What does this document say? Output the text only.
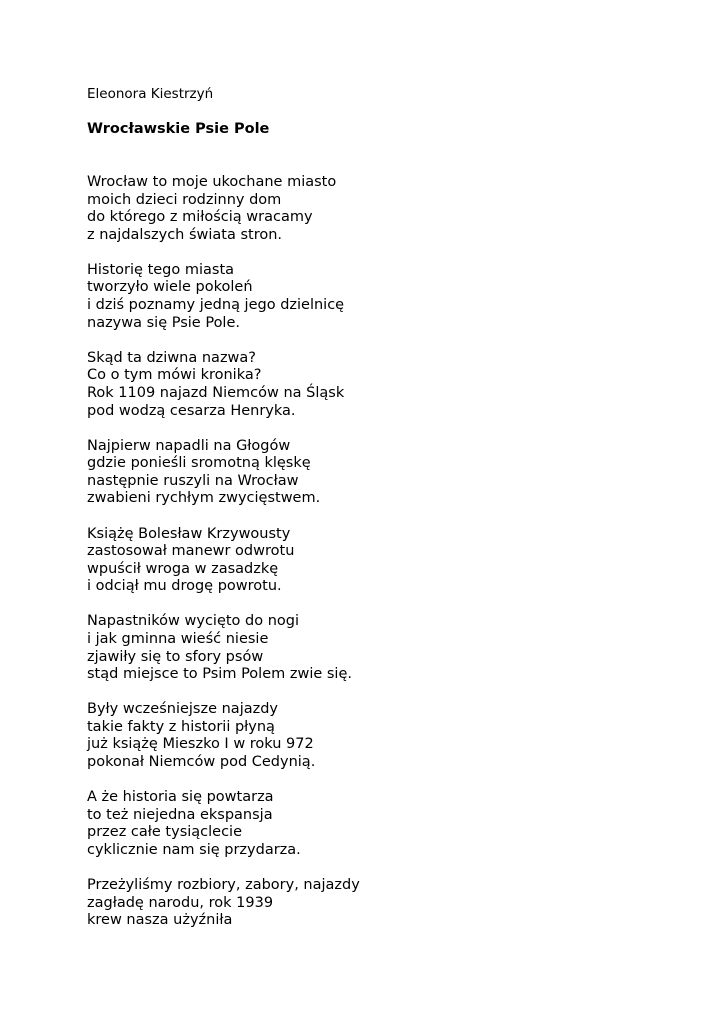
Eleonora Kiestrzyń
Wrocławskie Psie Pole
Wrocław to moje ukochane miasto
moich dzieci rodzinny dom
do którego z miłością wracamy
z najdalszych świata stron.
Historię tego miasta
tworzyło wiele pokoleń
i dziś poznamy jedną jego dzielnicę
nazywa się Psie Pole.
Skąd ta dziwna nazwa?
Co o tym mówi kronika?
Rok 1109 najazd Niemców na Śląsk
pod wodzą cesarza Henryka.
Najpierw napadli na Głogów
gdzie ponieśli sromotną klęskę
następnie ruszyli na Wrocław
zwabieni rychłym zwycięstwem.
Książę Bolesław Krzywousty
zastosował manewr odwrotu
wpuścił wroga w zasadzkę
i odciął mu drogę powrotu.
Napastników wycięto do nogi
i jak gminna wieść niesie
zjawiły się to sfory psów
stąd miejsce to Psim Polem zwie się.
Były wcześniejsze najazdy
takie fakty z historii płyną
już książę Mieszko I w roku 972
pokonał Niemców pod Cedynią.
A że historia się powtarza
to też niejedna ekspansja
przez całe tysiąclecie
cyklicznie nam się przydarza.
Przeżyliśmy rozbiory, zabory, najazdy
zagładę narodu, rok 1939
krew nasza użyźniła
